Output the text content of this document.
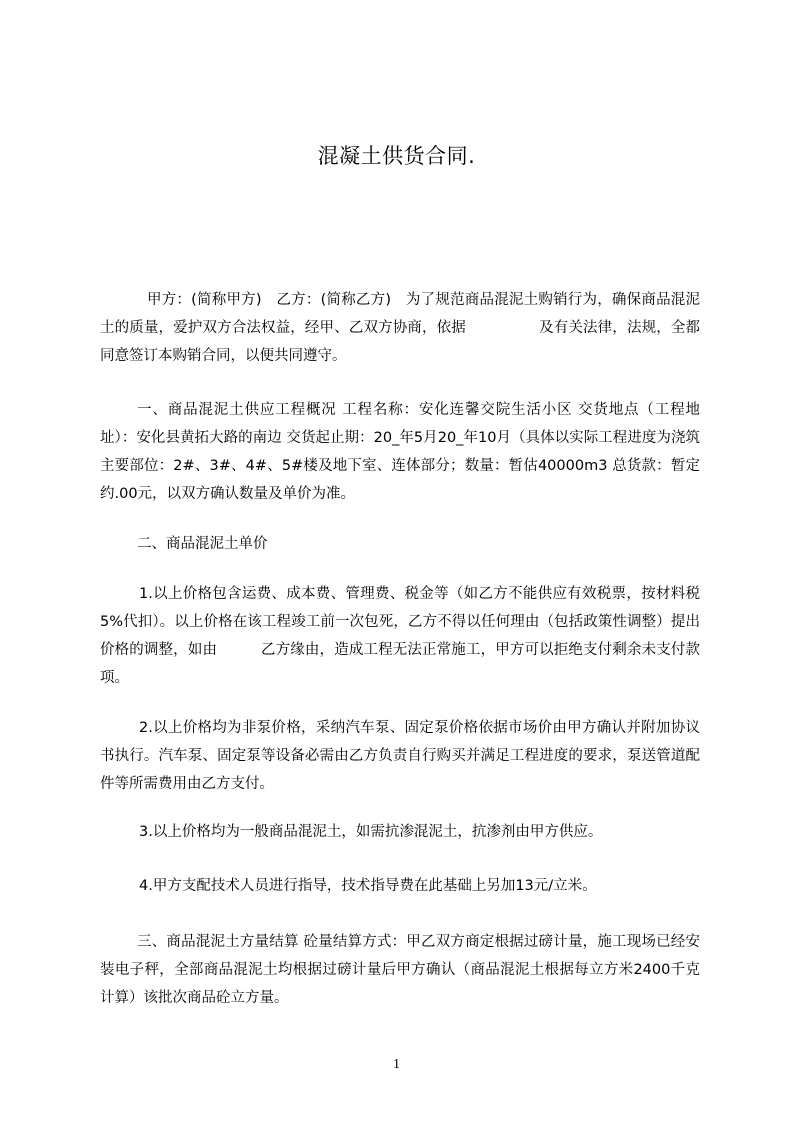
混凝土供货合同.

甲方：(简称甲方)　乙方：(简称乙方)　为了规范商品混泥土购销行为，确保商品混泥土的质量，爱护双方合法权益，经甲、乙双方协商，依据　　　　　及有关法律，法规，全都同意签订本购销合同，以便共同遵守。

一、商品混泥土供应工程概况 工程名称：安化连馨交院生活小区 交货地点（工程地址）：安化县黄拓大路的南边 交货起止期：20_年5月20_年10月（具体以实际工程进度为浇筑主要部位：2#、3#、4#、5#楼及地下室、连体部分；数量：暂估40000m3 总货款：暂定约.00元，以双方确认数量及单价为准。

二、商品混泥土单价

1.以上价格包含运费、成本费、管理费、税金等（如乙方不能供应有效税票，按材料税5%代扣）。以上价格在该工程竣工前一次包死，乙方不得以任何理由（包括政策性调整）提出价格的调整，如由　　　乙方缘由，造成工程无法正常施工，甲方可以拒绝支付剩余未支付款项。

2.以上价格均为非泵价格，采纳汽车泵、固定泵价格依据市场价由甲方确认并附加协议书执行。汽车泵、固定泵等设备必需由乙方负责自行购买并满足工程进度的要求，泵送管道配件等所需费用由乙方支付。

3.以上价格均为一般商品混泥土，如需抗渗混泥土，抗渗剂由甲方供应。

4.甲方支配技术人员进行指导，技术指导费在此基础上另加13元/立米。

三、商品混泥土方量结算 砼量结算方式：甲乙双方商定根据过磅计量，施工现场已经安装电子秤，全部商品混泥土均根据过磅计量后甲方确认（商品混泥土根据每立方米2400千克计算）该批次商品砼立方量。

1
